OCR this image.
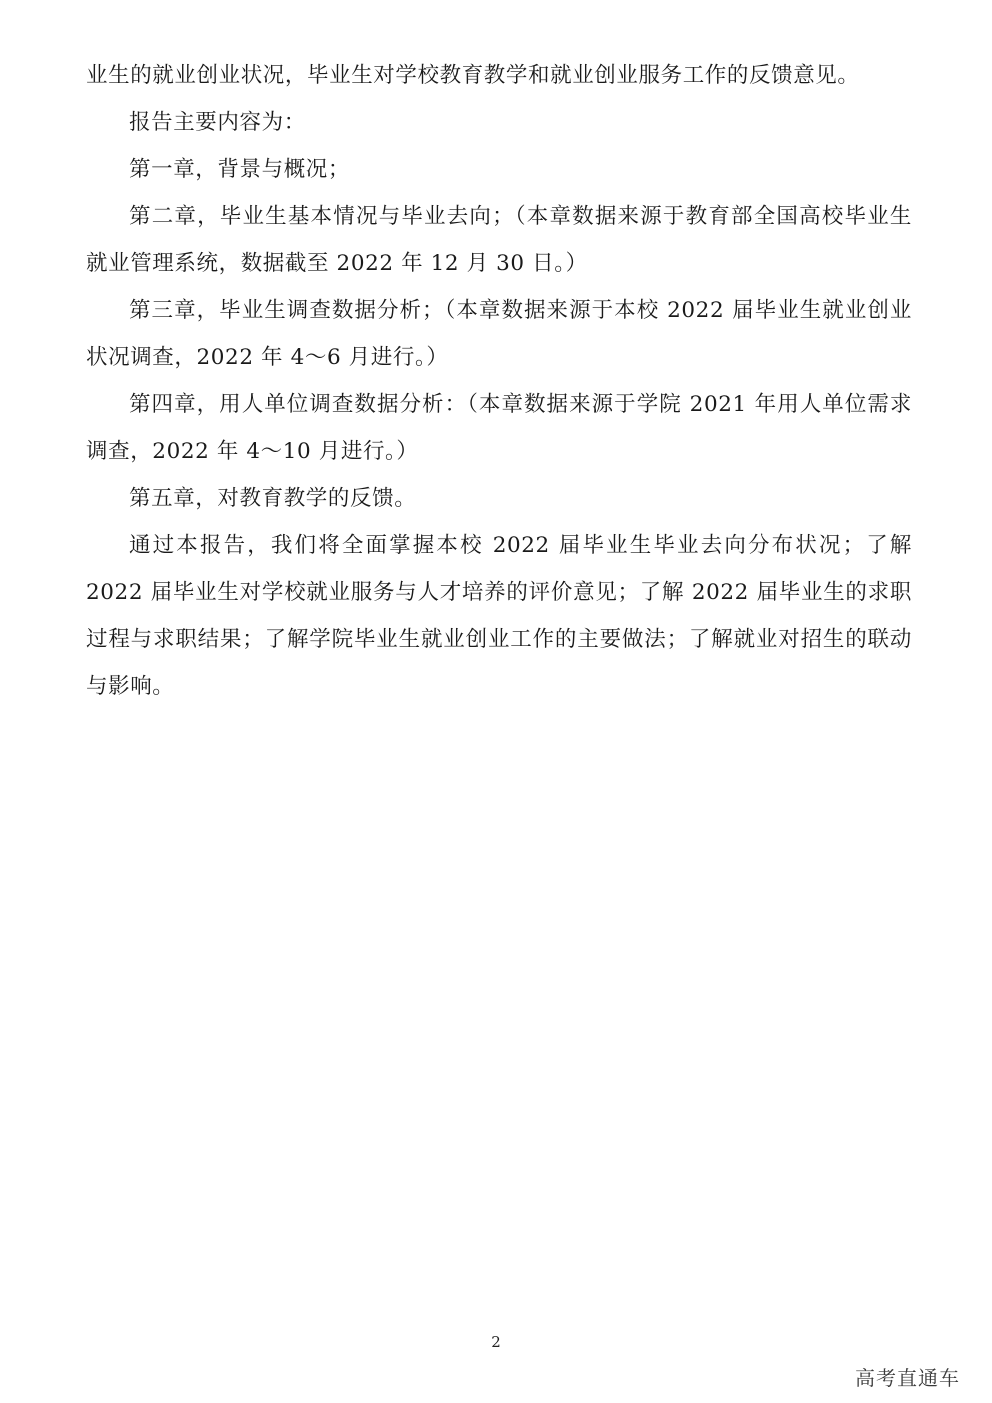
业生的就业创业状况，毕业生对学校教育教学和就业创业服务工作的反馈意见。

报告主要内容为：

第一章，背景与概况；

第二章，毕业生基本情况与毕业去向；（本章数据来源于教育部全国高校毕业生就业管理系统，数据截至 2022 年 12 月 30 日。）

第三章，毕业生调查数据分析；（本章数据来源于本校 2022 届毕业生就业创业状况调查，2022 年 4～6 月进行。）

第四章，用人单位调查数据分析：（本章数据来源于学院 2021 年用人单位需求调查，2022 年 4～10 月进行。）

第五章，对教育教学的反馈。

通过本报告，我们将全面掌握本校 2022 届毕业生毕业去向分布状况；了解 2022 届毕业生对学校就业服务与人才培养的评价意见；了解 2022 届毕业生的求职过程与求职结果；了解学院毕业生就业创业工作的主要做法；了解就业对招生的联动与影响。

2
高考直通车
